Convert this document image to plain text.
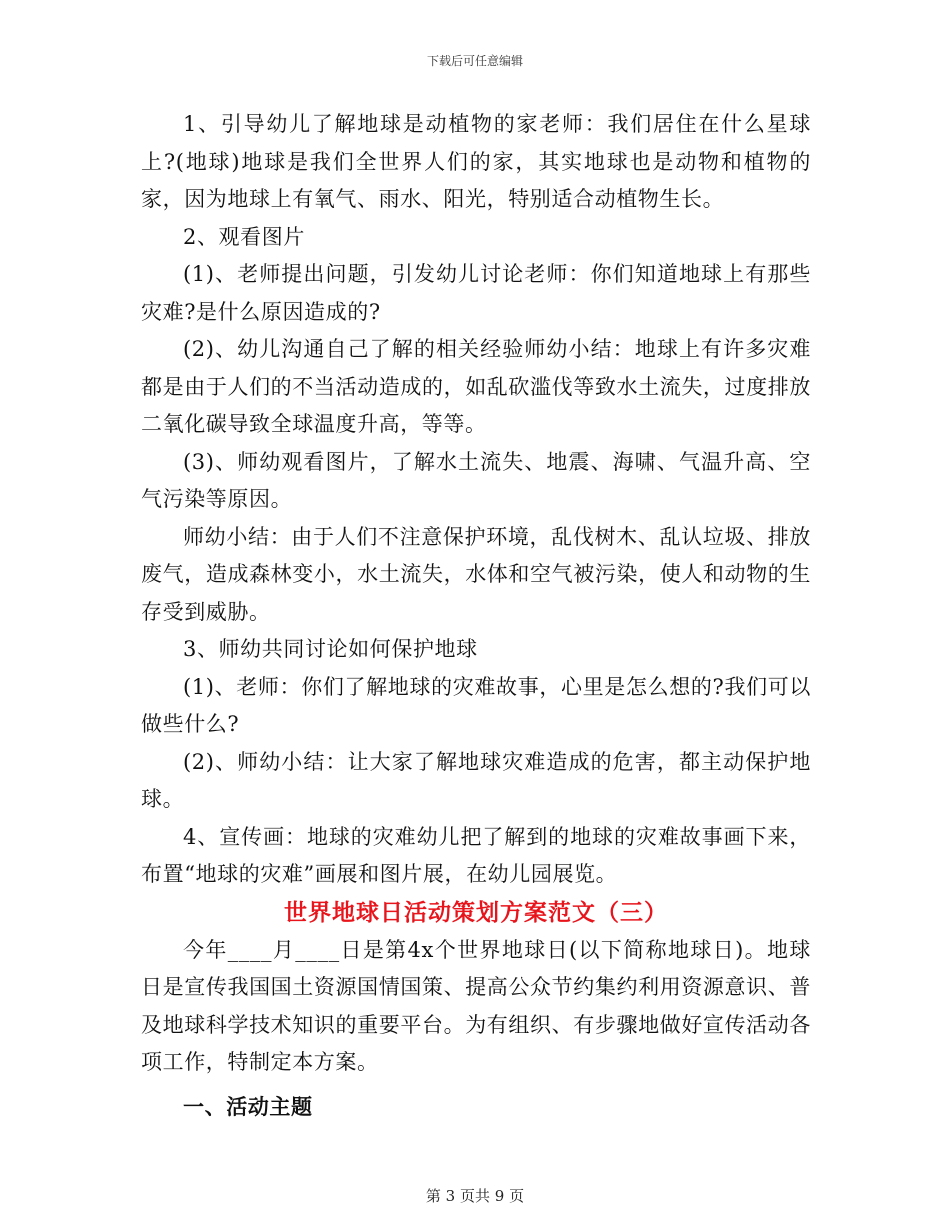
下载后可任意编辑

1、引导幼儿了解地球是动植物的家老师：我们居住在什么星球上?(地球)地球是我们全世界人们的家，其实地球也是动物和植物的家，因为地球上有氧气、雨水、阳光，特别适合动植物生长。

2、观看图片

(1)、老师提出问题，引发幼儿讨论老师：你们知道地球上有那些灾难?是什么原因造成的?

(2)、幼儿沟通自己了解的相关经验师幼小结：地球上有许多灾难都是由于人们的不当活动造成的，如乱砍滥伐等致水土流失，过度排放二氧化碳导致全球温度升高，等等。

(3)、师幼观看图片，了解水土流失、地震、海啸、气温升高、空气污染等原因。

师幼小结：由于人们不注意保护环境，乱伐树木、乱认垃圾、排放废气，造成森林变小，水土流失，水体和空气被污染，使人和动物的生存受到威胁。

3、师幼共同讨论如何保护地球

(1)、老师：你们了解地球的灾难故事，心里是怎么想的?我们可以做些什么?

(2)、师幼小结：让大家了解地球灾难造成的危害，都主动保护地球。

4、宣传画：地球的灾难幼儿把了解到的地球的灾难故事画下来，布置“地球的灾难”画展和图片展，在幼儿园展览。

世界地球日活动策划方案范文（三）

今年____月____日是第4x个世界地球日(以下简称地球日)。地球日是宣传我国国土资源国情国策、提高公众节约集约利用资源意识、普及地球科学技术知识的重要平台。为有组织、有步骤地做好宣传活动各项工作，特制定本方案。

一、活动主题

第 3 页共 9 页
